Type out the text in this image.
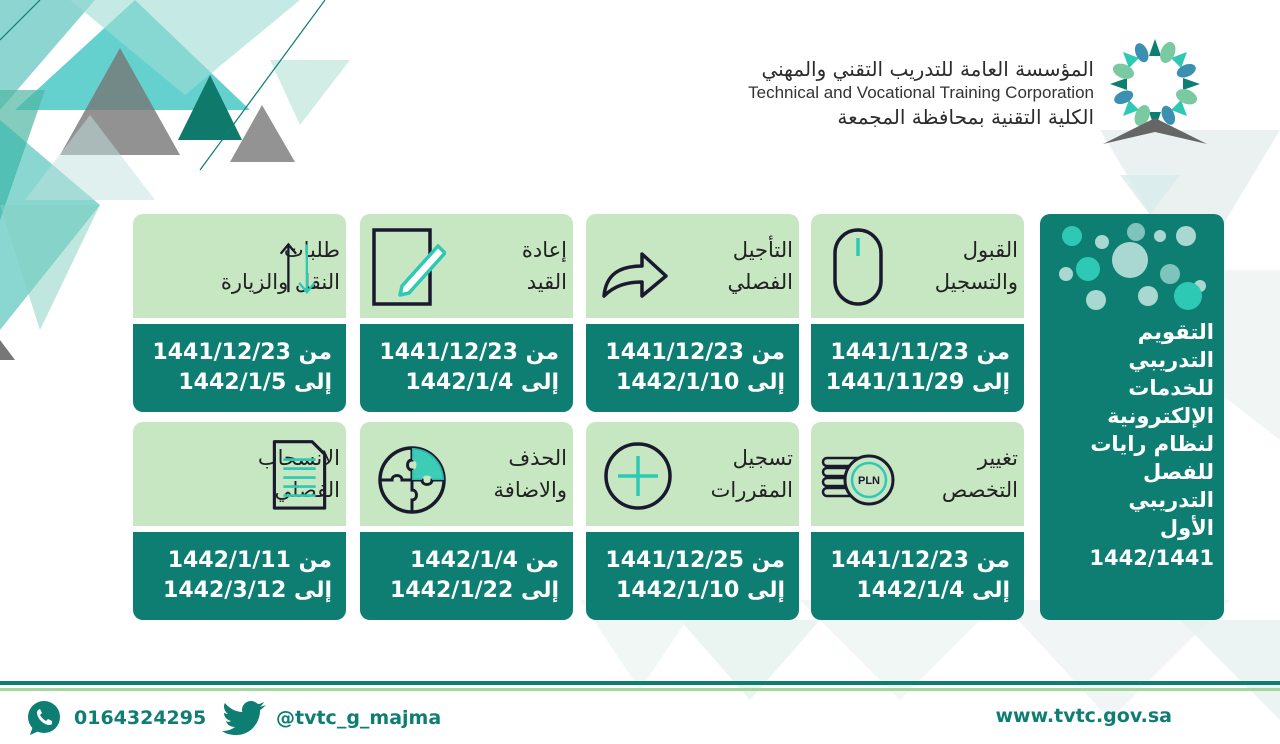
المؤسسة العامة للتدريب التقني والمهني
Technical and Vocational Training Corporation
الكلية التقنية بمحافظة المجمعة
التقويم
التدريبي
للخدمات
الإلكترونية
لنظام رايات
للفصل
التدريبي
الأول
1442/1441
القبول
والتسجيل
من 1441/11/23
إلى 1441/11/29
التأجيل
الفصلي
من 1441/12/23
إلى 1442/1/10
إعادة
القيد
من 1441/12/23
إلى 1442/1/4
طلبات
النقل والزيارة
من 1441/12/23
إلى 1442/1/5
تغيير
التخصص
PLN
من 1441/12/23
إلى 1442/1/4
تسجيل
المقررات
من 1441/12/25
إلى 1442/1/10
الحذف
والاضافة
من 1442/1/4
إلى 1442/1/22
الانسحاب
الفصلي
من 1442/1/11
إلى 1442/3/12
0164324295	@tvtc_g_majma	www.tvtc.gov.sa
